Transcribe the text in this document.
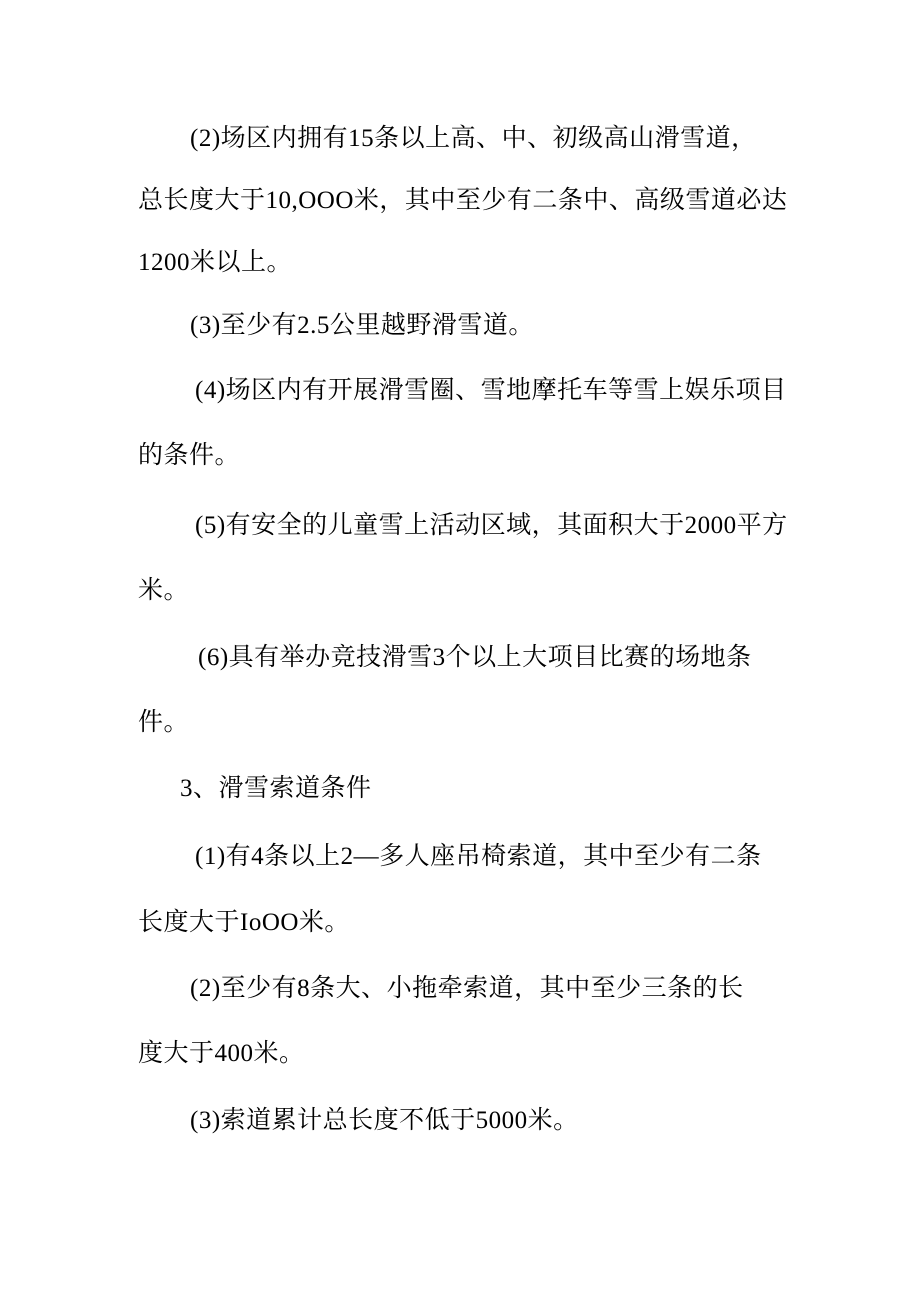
(2)场区内拥有15条以上高、中、初级高山滑雪道，
总长度大于10,OOO米，其中至少有二条中、高级雪道必达
1200米以上。
(3)至少有2.5公里越野滑雪道。
(4)场区内有开展滑雪圈、雪地摩托车等雪上娱乐项目
的条件。
(5)有安全的儿童雪上活动区域，其面积大于2000平方
米。
(6)具有举办竞技滑雪3个以上大项目比赛的场地条
件。
3、滑雪索道条件
(1)有4条以上2—多人座吊椅索道，其中至少有二条
长度大于IoOO米。
(2)至少有8条大、小拖牵索道，其中至少三条的长
度大于400米。
(3)索道累计总长度不低于5000米。
